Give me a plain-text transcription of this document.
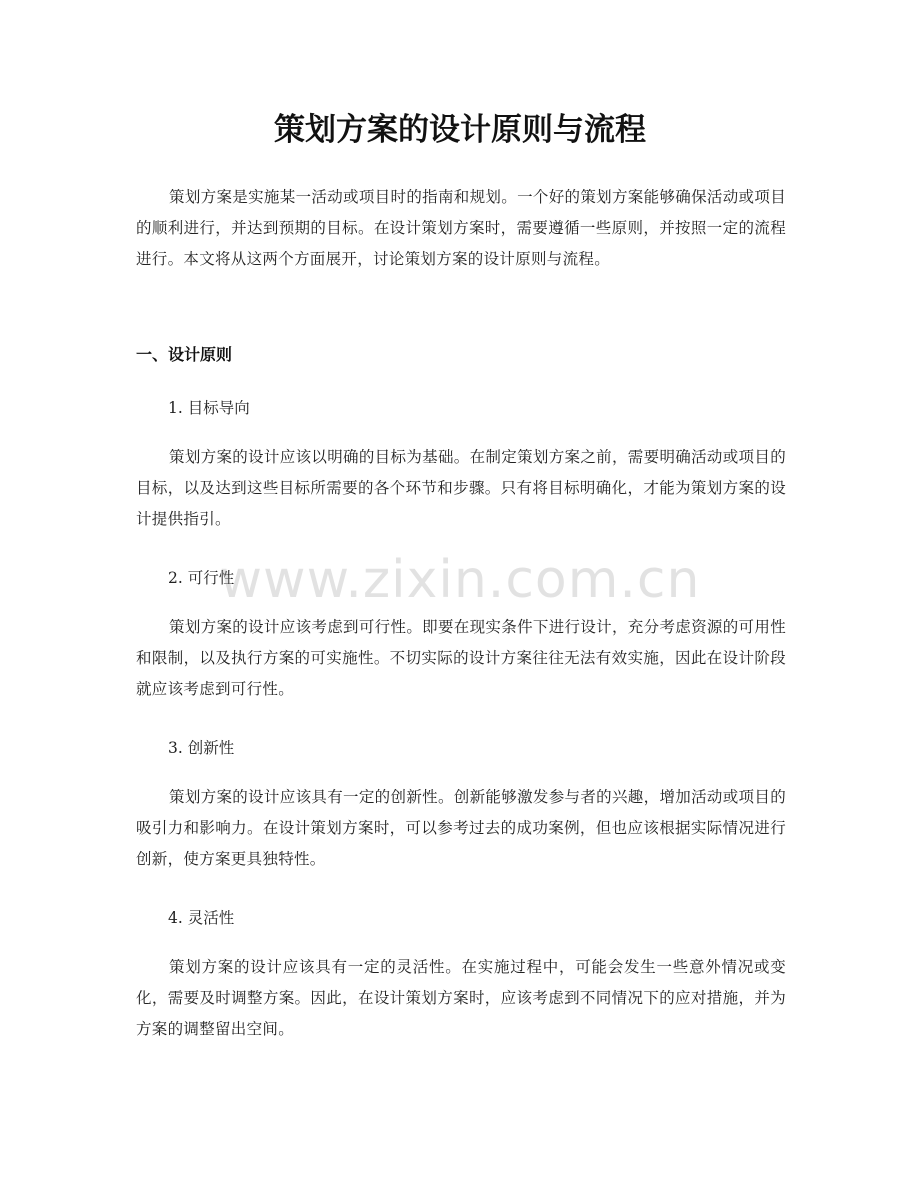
策划方案的设计原则与流程

策划方案是实施某一活动或项目时的指南和规划。一个好的策划方案能够确保活动或项目的顺利进行，并达到预期的目标。在设计策划方案时，需要遵循一些原则，并按照一定的流程进行。本文将从这两个方面展开，讨论策划方案的设计原则与流程。

一、设计原则
1. 目标导向

策划方案的设计应该以明确的目标为基础。在制定策划方案之前，需要明确活动或项目的目标，以及达到这些目标所需要的各个环节和步骤。只有将目标明确化，才能为策划方案的设计提供指引。

2. 可行性

策划方案的设计应该考虑到可行性。即要在现实条件下进行设计，充分考虑资源的可用性和限制，以及执行方案的可实施性。不切实际的设计方案往往无法有效实施，因此在设计阶段就应该考虑到可行性。

3. 创新性

策划方案的设计应该具有一定的创新性。创新能够激发参与者的兴趣，增加活动或项目的吸引力和影响力。在设计策划方案时，可以参考过去的成功案例，但也应该根据实际情况进行创新，使方案更具独特性。

4. 灵活性

策划方案的设计应该具有一定的灵活性。在实施过程中，可能会发生一些意外情况或变化，需要及时调整方案。因此，在设计策划方案时，应该考虑到不同情况下的应对措施，并为方案的调整留出空间。

www.zixin.com.cn
